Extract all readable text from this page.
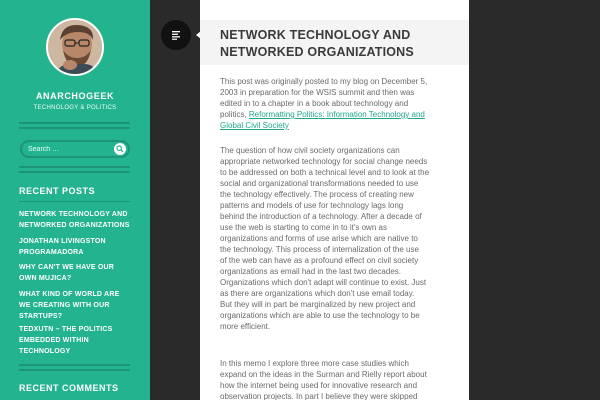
ANARCHOGEEK
TECHNOLOGY & POLITICS
Search …
RECENT POSTS
NETWORK TECHNOLOGY AND
NETWORKED ORGANIZATIONS
JONATHAN LIVINGSTON
PROGRAMADORA
WHY CAN'T WE HAVE OUR
OWN MUJICA?
WHAT KIND OF WORLD ARE
WE CREATING WITH OUR
STARTUPS?
TEDXUTN – THE POLITICS
EMBEDDED WITHIN
TECHNOLOGY
RECENT COMMENTS
NETWORK TECHNOLOGY AND
NETWORKED ORGANIZATIONS
This post was originally posted to my blog on December 5,
2003 in preparation for the WSIS summit and then was
edited in to a chapter in a book about technology and
politics, Reformatting Politics: Information Technology and
Global Civil Society
The question of how civil society organizations can
appropriate networked technology for social change needs
to be addressed on both a technical level and to look at the
social and organizational transformations needed to use
the technology effectively. The process of creating new
patterns and models of use for technology lags long
behind the introduction of a technology. After a decade of
use the web is starting to come in to it's own as
organizations and forms of use arise which are native to
the technology. This process of internalization of the use
of the web can have as a profound effect on civil society
organizations as email had in the last two decades.
Organizations which don't adapt will continue to exist. Just
as there are organizations which don't use email today.
But they will in part be marginalized by new project and
organizations which are able to use the technology to be
more efficient.
In this memo I explore three more case studies which
expand on the ideas in the Surman and Rielly report about
how the internet being used for innovative research and
observation projects. In part I believe they were skipped
